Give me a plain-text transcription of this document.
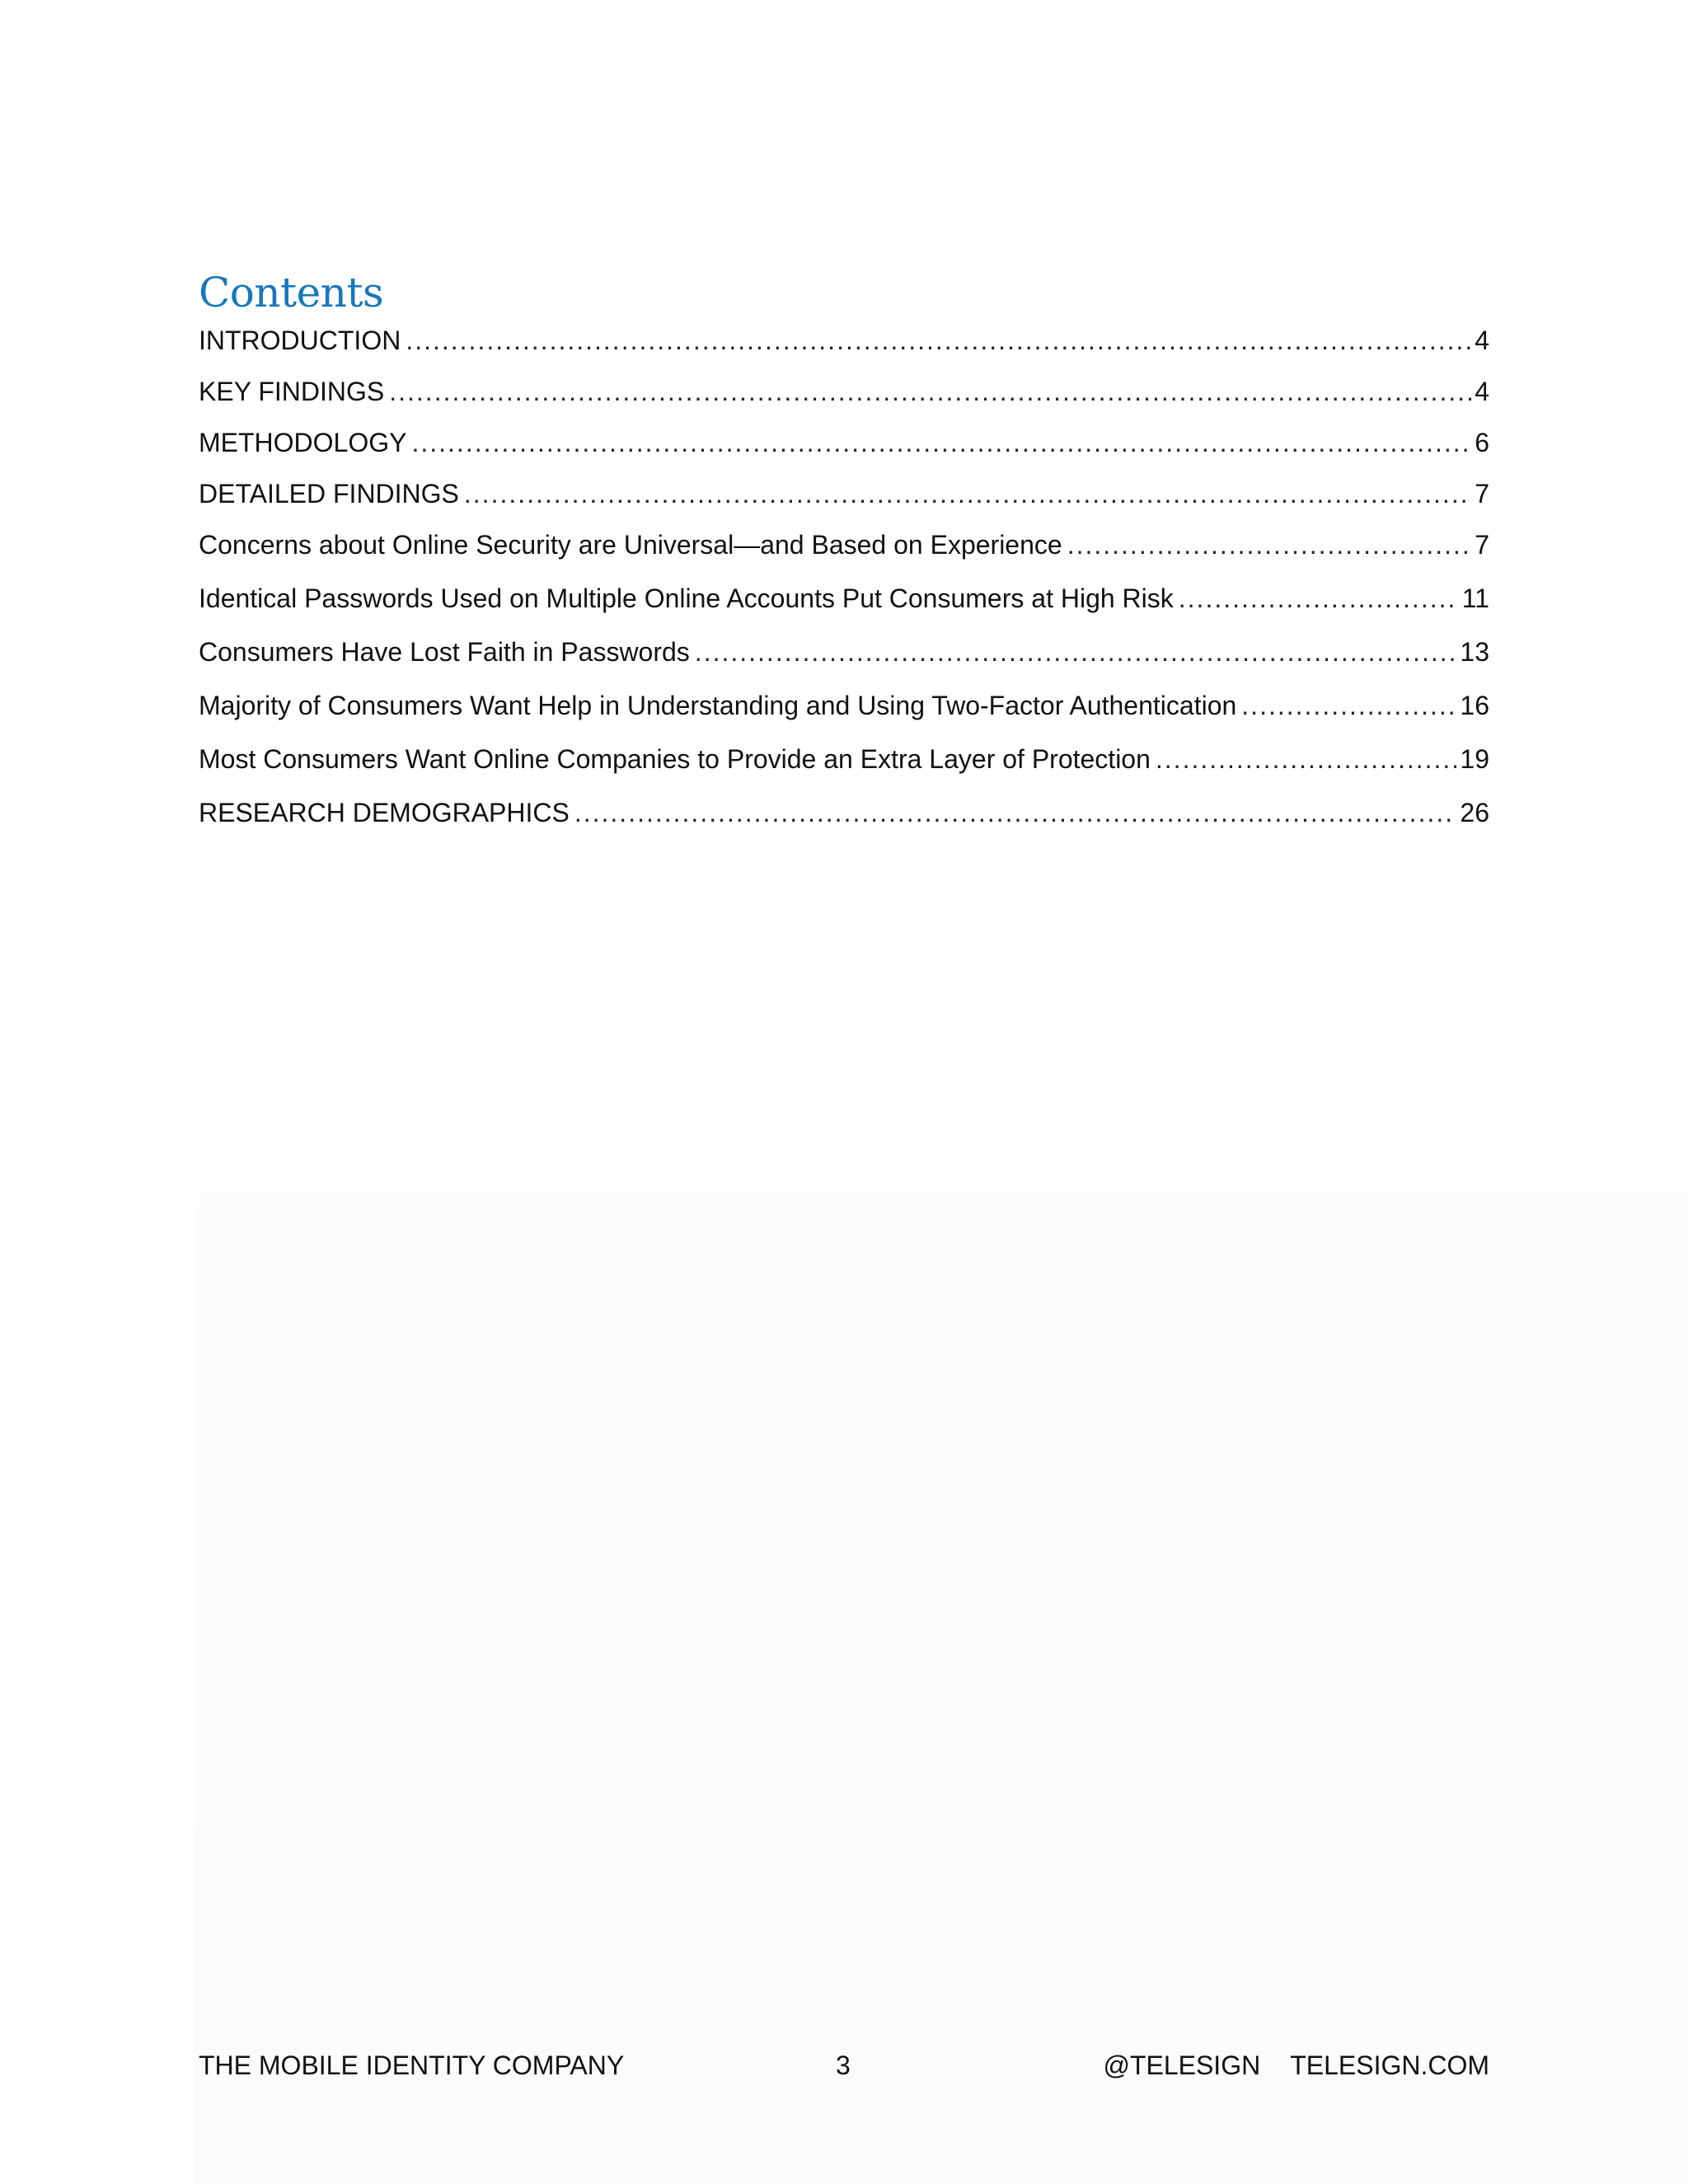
Contents
INTRODUCTION .....	4
KEY FINDINGS .....	4
METHODOLOGY .....	6
DETAILED FINDINGS .....	7
Concerns about Online Security are Universal—and Based on Experience .....	7
Identical Passwords Used on Multiple Online Accounts Put Consumers at High Risk .....	11
Consumers Have Lost Faith in Passwords .....	13
Majority of Consumers Want Help in Understanding and Using Two-Factor Authentication .....	16
Most Consumers Want Online Companies to Provide an Extra Layer of Protection .....	19
RESEARCH DEMOGRAPHICS .....	26
THE MOBILE IDENTITY COMPANY	3	@TELESIGN TELESIGN.COM
